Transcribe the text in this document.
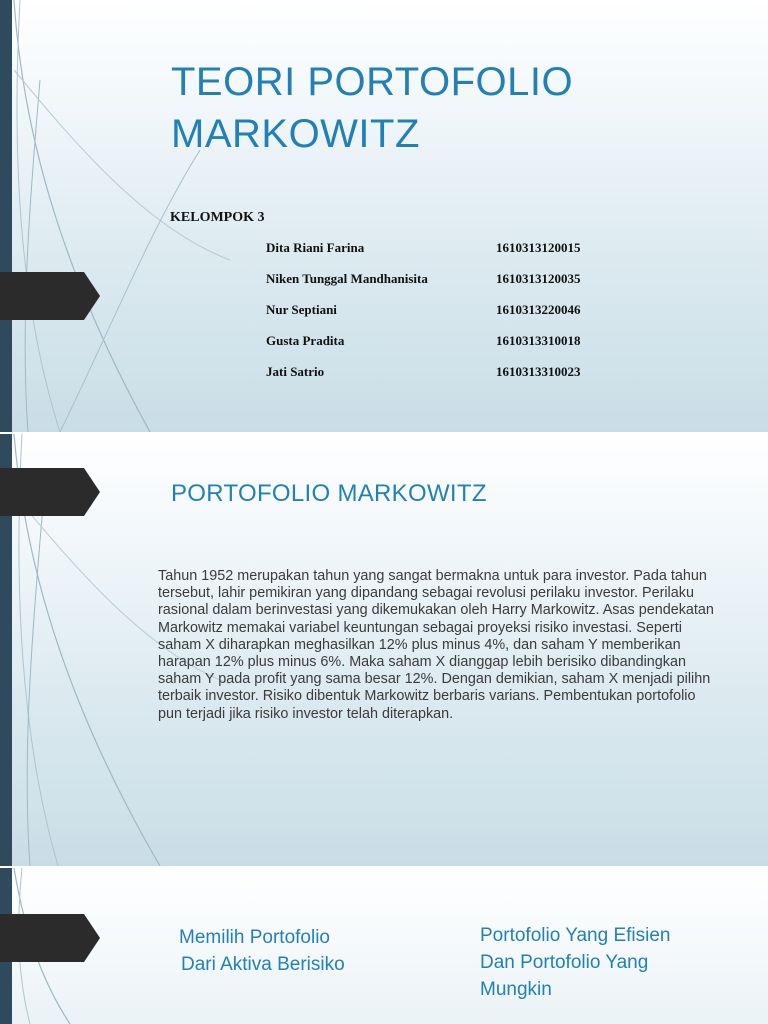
TEORI PORTOFOLIO
MARKOWITZ
KELOMPOK 3
Dita Riani Farina	1610313120015
Niken Tunggal Mandhanisita	1610313120035
Nur Septiani	1610313220046
Gusta Pradita	1610313310018
Jati Satrio	1610313310023
PORTOFOLIO MARKOWITZ

Tahun 1952 merupakan tahun yang sangat bermakna untuk para investor. Pada tahun tersebut, lahir pemikiran yang dipandang sebagai revolusi perilaku investor. Perilaku rasional dalam berinvestasi yang dikemukakan oleh Harry Markowitz. Asas pendekatan Markowitz memakai variabel keuntungan sebagai proyeksi risiko investasi. Seperti saham X diharapkan meghasilkan 12% plus minus 4%, dan saham Y memberikan harapan 12% plus minus 6%. Maka saham X dianggap lebih berisiko dibandingkan saham Y pada profit yang sama besar 12%. Dengan demikian, saham X menjadi pilihn terbaik investor. Risiko dibentuk Markowitz berbaris varians. Pembentukan portofolio pun terjadi jika risiko investor telah diterapkan.

Memilih Portofolio
Dari Aktiva Berisiko
Portofolio Yang Efisien
Dan Portofolio Yang
Mungkin
